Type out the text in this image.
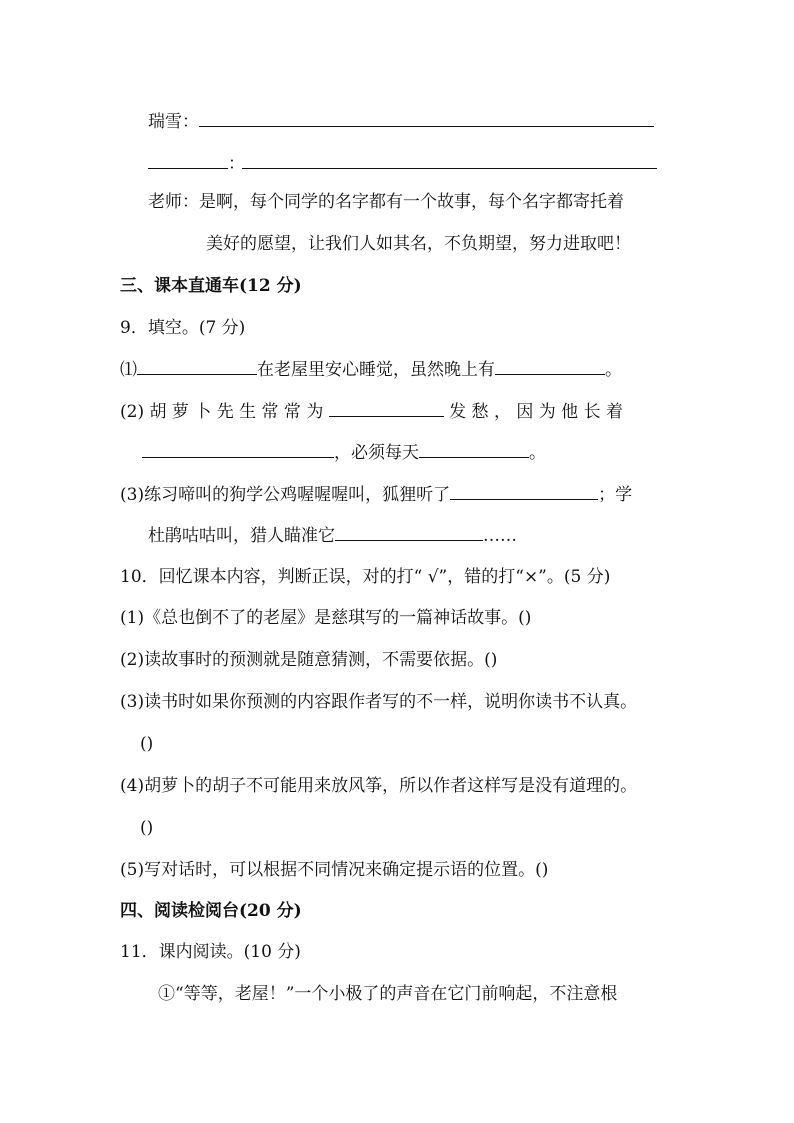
瑞雪：
：
老师：是啊，每个同学的名字都有一个故事，每个名字都寄托着
美好的愿望，让我们人如其名，不负期望，努力进取吧！
三、课本直通车(12 分)
9．填空。(7 分)
⑴	在老屋里安心睡觉，虽然晚上有	。
(2) 胡 萝 卜 先 生 常 常 为	发 愁 ， 因 为 他 长 着
，必须每天	。
(3)练习啼叫的狗学公鸡喔喔喔叫，狐狸听了	；学
杜鹃咕咕叫，猎人瞄准它	……
10．回忆课本内容，判断正误，对的打“ √”，错的打“×”。(5 分)
(1)《总也倒不了的老屋》是慈琪写的一篇神话故事。()
(2)读故事时的预测就是随意猜测，不需要依据。()
(3)读书时如果你预测的内容跟作者写的不一样，说明你读书不认真。
()
(4)胡萝卜的胡子不可能用来放风筝，所以作者这样写是没有道理的。
()
(5)写对话时，可以根据不同情况来确定提示语的位置。()
四、阅读检阅台(20 分)
11．课内阅读。(10 分)
①“等等，老屋！”一个小极了的声音在它门前响起，不注意根
